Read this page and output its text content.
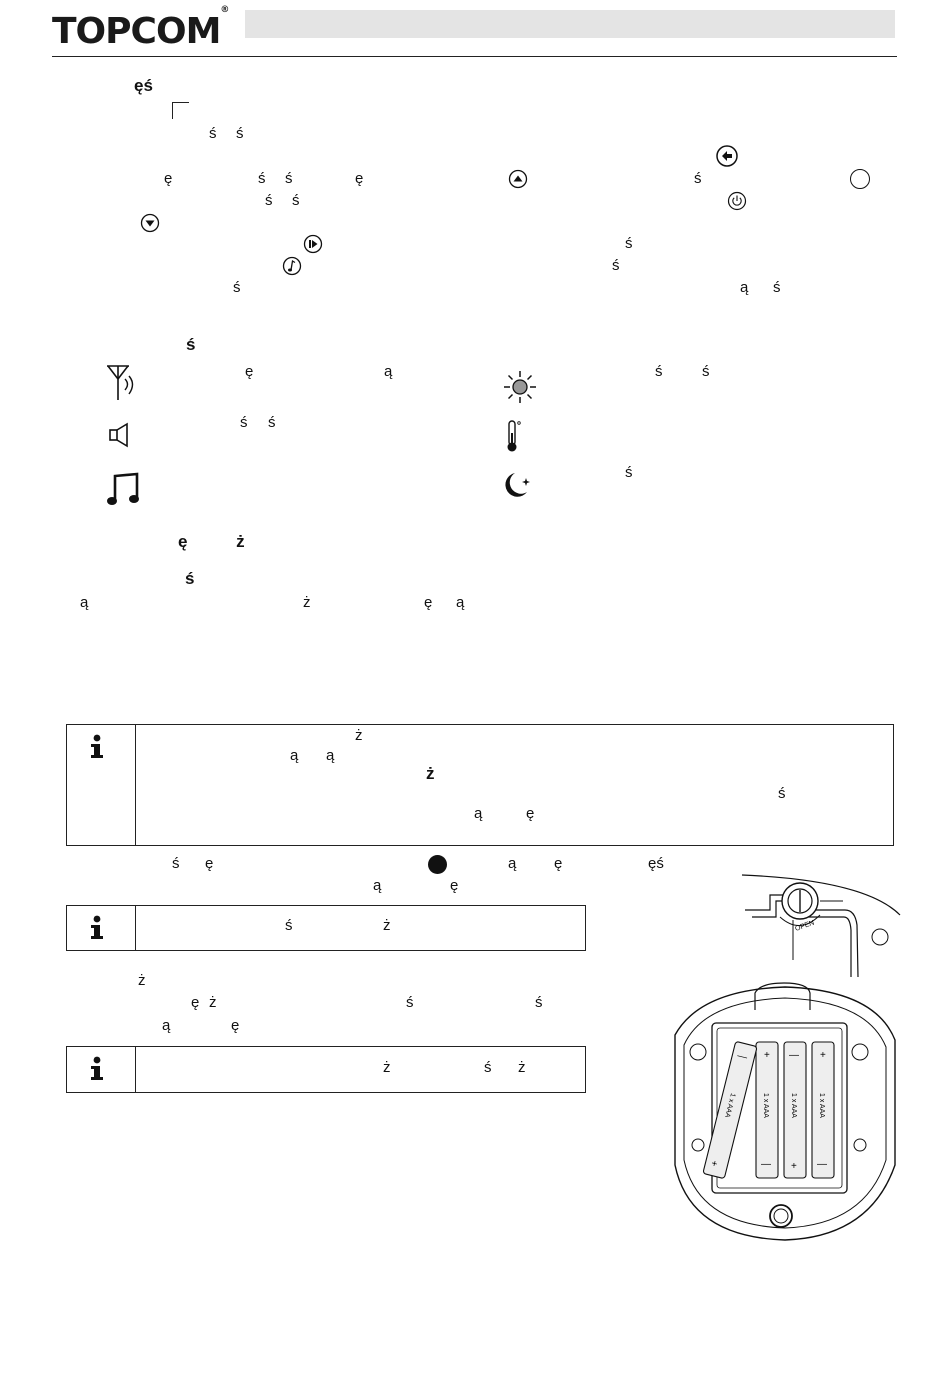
TOPCOM®
ęś
ś ś
ę	ś ś	ę	ś
ś ś
ś
ś
ś	ą ś
ś
ę	ą	ś	ś
ś ś
ś
ę ż
ś
ą	ż	ę ą
ż
ą ą
ż
ś
ą	ę
ś ę	ą	ę	ęś
ą	ę
ś	ż
ż
ę ż	ś	ś
ą	ę
ż	ś ż
OPEN
+
—
1 x AAA
—
+
1 x AAA
+
—
1 x AAA
—
+
1 x AAA
